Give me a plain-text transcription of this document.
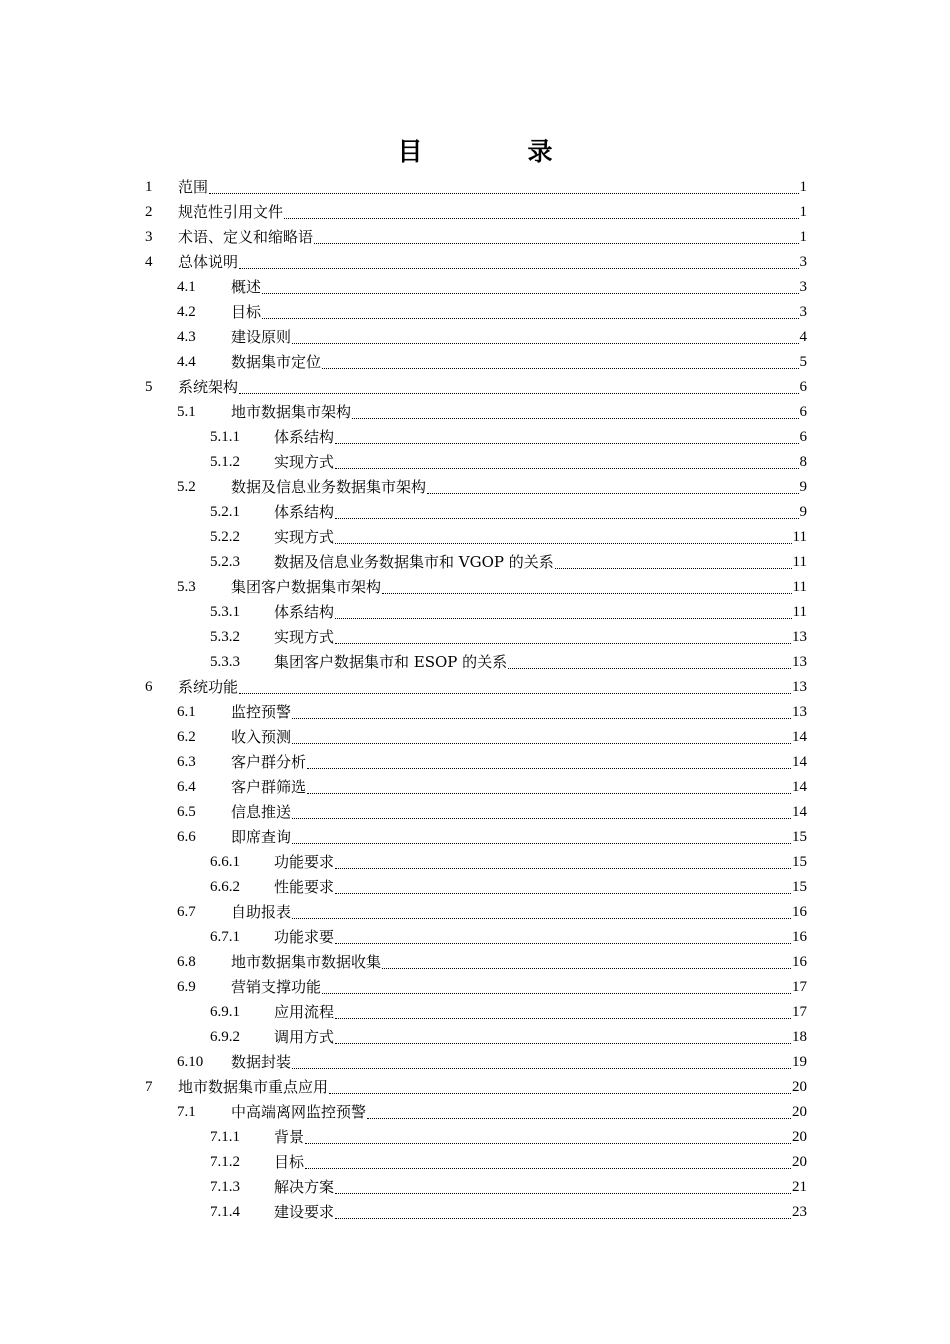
目　录
1	范围	1
2	规范性引用文件	1
3	术语、定义和缩略语	1
4	总体说明	3
4.1	概述	3
4.2	目标	3
4.3	建设原则	4
4.4	数据集市定位	5
5	系统架构	6
5.1	地市数据集市架构	6
5.1.1	体系结构	6
5.1.2	实现方式	8
5.2	数据及信息业务数据集市架构	9
5.2.1	体系结构	9
5.2.2	实现方式	11
5.2.3	数据及信息业务数据集市和 VGOP 的关系	11
5.3	集团客户数据集市架构	11
5.3.1	体系结构	11
5.3.2	实现方式	13
5.3.3	集团客户数据集市和 ESOP 的关系	13
6	系统功能	13
6.1	监控预警	13
6.2	收入预测	14
6.3	客户群分析	14
6.4	客户群筛选	14
6.5	信息推送	14
6.6	即席查询	15
6.6.1	功能要求	15
6.6.2	性能要求	15
6.7	自助报表	16
6.7.1	功能求要	16
6.8	地市数据集市数据收集	16
6.9	营销支撑功能	17
6.9.1	应用流程	17
6.9.2	调用方式	18
6.10	数据封装	19
7	地市数据集市重点应用	20
7.1	中高端离网监控预警	20
7.1.1	背景	20
7.1.2	目标	20
7.1.3	解决方案	21
7.1.4	建设要求	23
